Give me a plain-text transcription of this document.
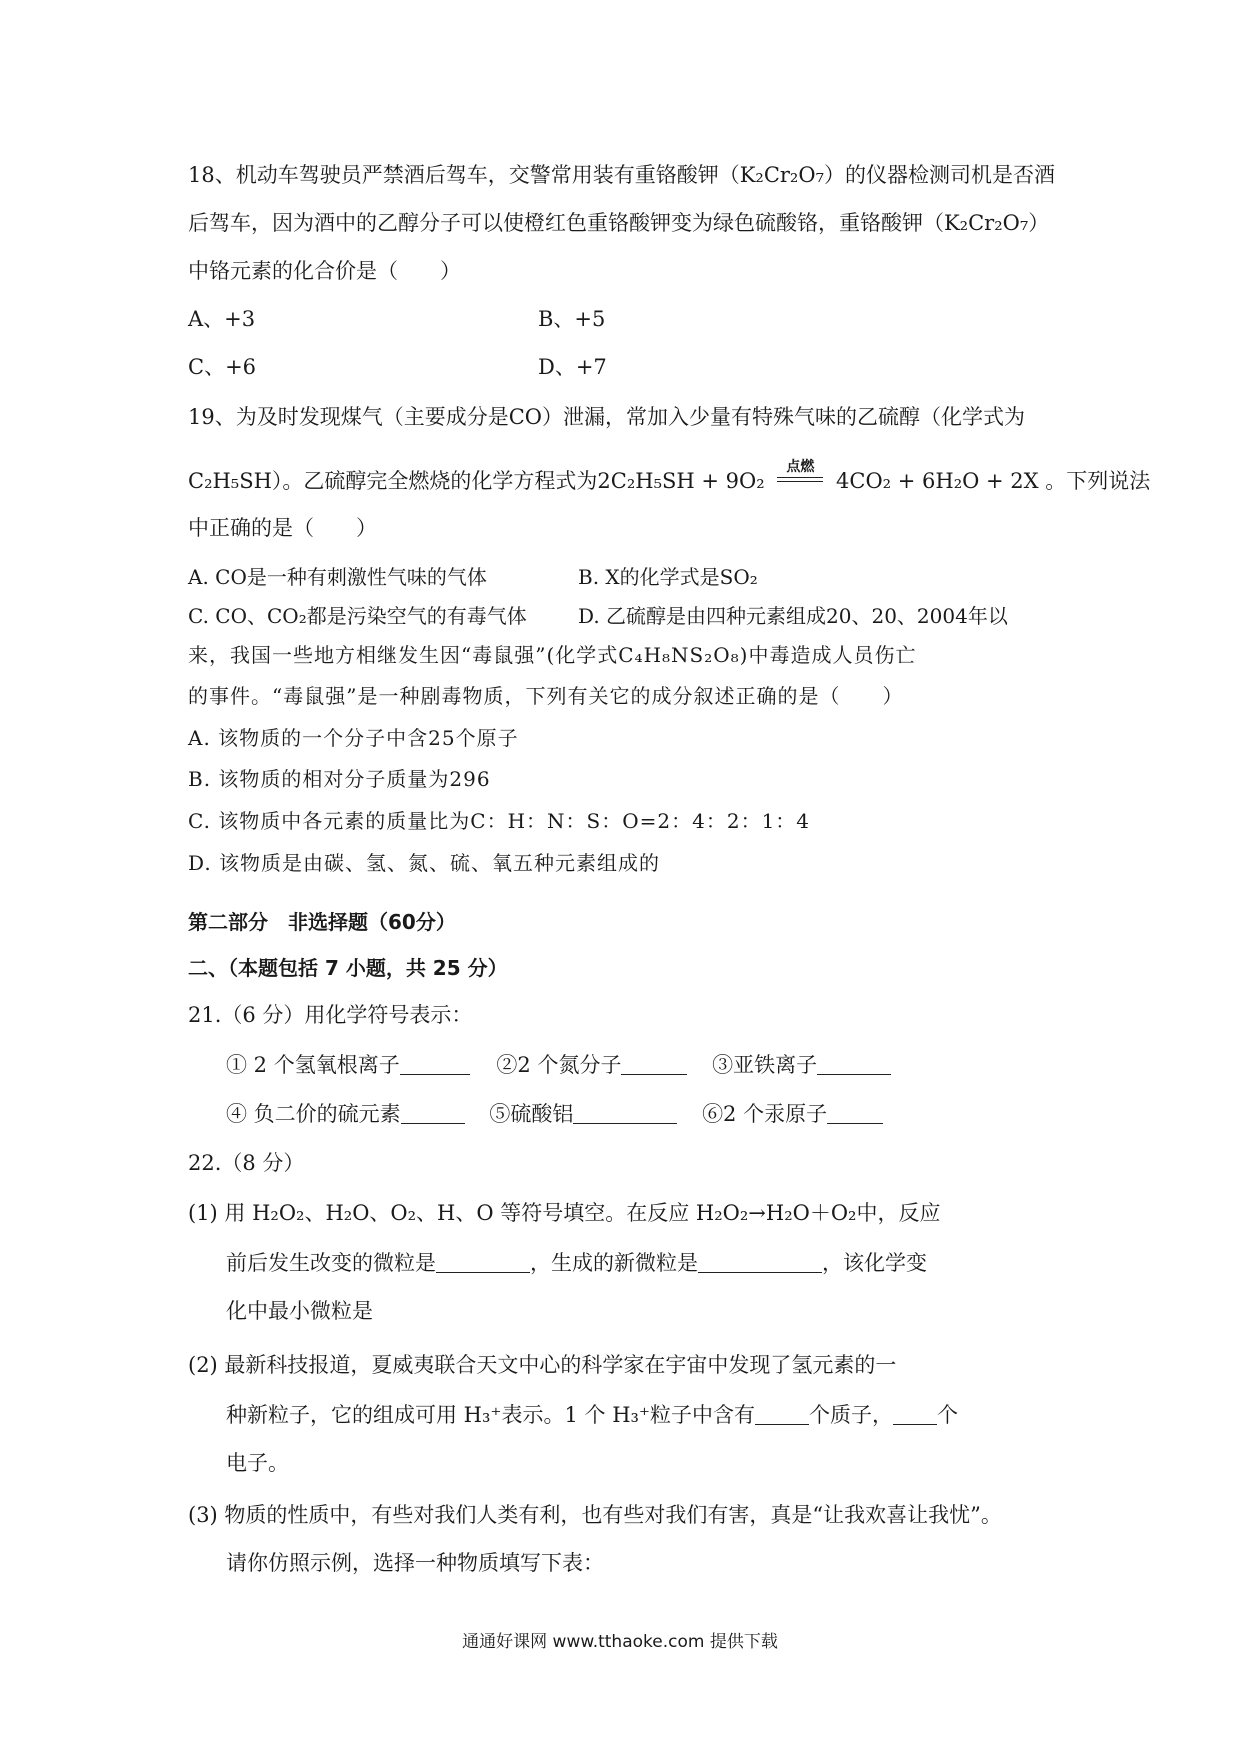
18、机动车驾驶员严禁酒后驾车，交警常用装有重铬酸钾（K₂Cr₂O₇）的仪器检测司机是否酒
后驾车，因为酒中的乙醇分子可以使橙红色重铬酸钾变为绿色硫酸铬，重铬酸钾（K₂Cr₂O₇）
中铬元素的化合价是（　　）
A、+3	B、+5
C、+6	D、+7
19、为及时发现煤气（主要成分是CO）泄漏，常加入少量有特殊气味的乙硫醇（化学式为
C₂H₅SH）。乙硫醇完全燃烧的化学方程式为2C₂H₅SH + 9O₂
点燃
4CO₂ + 6H₂O + 2X 。下列说法
中正确的是（　　）
A. CO是一种有刺激性气味的气体	B. X的化学式是SO₂
C. CO、CO₂都是污染空气的有毒气体	D. 乙硫醇是由四种元素组成20、20、2004年以
来，我国一些地方相继发生因“毒鼠强”(化学式C₄H₈NS₂O₈)中毒造成人员伤亡
的事件。“毒鼠强”是一种剧毒物质，下列有关它的成分叙述正确的是（　　）
A. 该物质的一个分子中含25个原子
B. 该物质的相对分子质量为296
C. 该物质中各元素的质量比为C：H：N：S：O=2：4：2：1：4
D. 该物质是由碳、氢、氮、硫、氧五种元素组成的
第二部分　非选择题（60分）
二、（本题包括 7 小题，共 25 分）
21.（6 分）用化学符号表示：
① 2 个氢氧根离子	②2 个氮分子	③亚铁离子
④ 负二价的硫元素	⑤硫酸铝	⑥2 个汞原子
22.（8 分）
(1) 用 H₂O₂、H₂O、O₂、H、O 等符号填空。在反应 H₂O₂→H₂O＋O₂中，反应
前后发生改变的微粒是	，生成的新微粒是	，该化学变
化中最小微粒是
(2) 最新科技报道，夏威夷联合天文中心的科学家在宇宙中发现了氢元素的一
种新粒子，它的组成可用 H₃⁺表示。1 个 H₃⁺粒子中含有	个质子， 个
电子。
(3) 物质的性质中，有些对我们人类有利，也有些对我们有害，真是“让我欢喜让我忧”。
请你仿照示例，选择一种物质填写下表：
通通好课网 www.tthaoke.com 提供下载
